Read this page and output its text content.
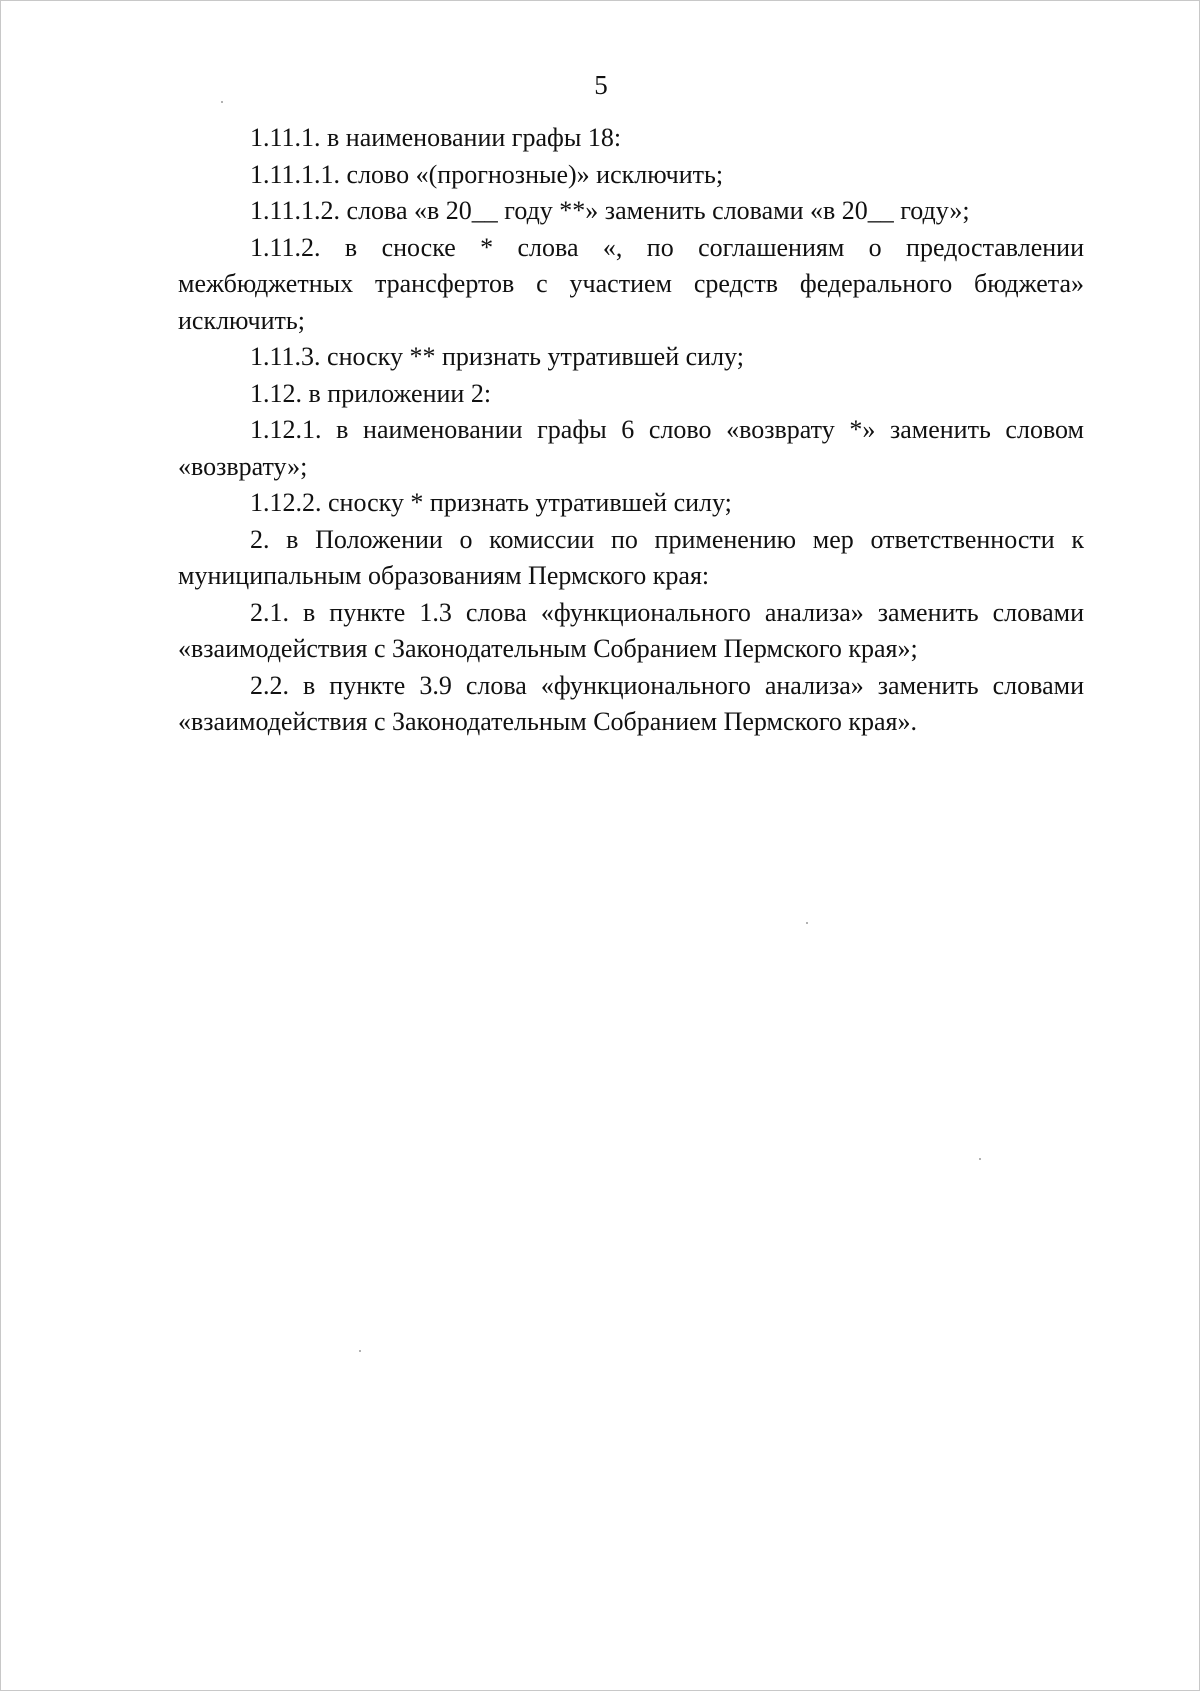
5

1.11.1. в наименовании графы 18:

1.11.1.1. слово «(прогнозные)» исключить;

1.11.1.2. слова «в 20__ году **» заменить словами «в 20__ году»;

1.11.2. в сноске * слова «, по соглашениям о предоставлении межбюджетных трансфертов с участием средств федерального бюджета» исключить;

1.11.3. сноску ** признать утратившей силу;

1.12. в приложении 2:

1.12.1. в наименовании графы 6 слово «возврату *» заменить словом «возврату»;

1.12.2. сноску * признать утратившей силу;

2. в Положении о комиссии по применению мер ответственности к муниципальным образованиям Пермского края:

2.1. в пункте 1.3 слова «функционального анализа» заменить словами «взаимодействия с Законодательным Собранием Пермского края»;

2.2. в пункте 3.9 слова «функционального анализа» заменить словами «взаимодействия с Законодательным Собранием Пермского края».
